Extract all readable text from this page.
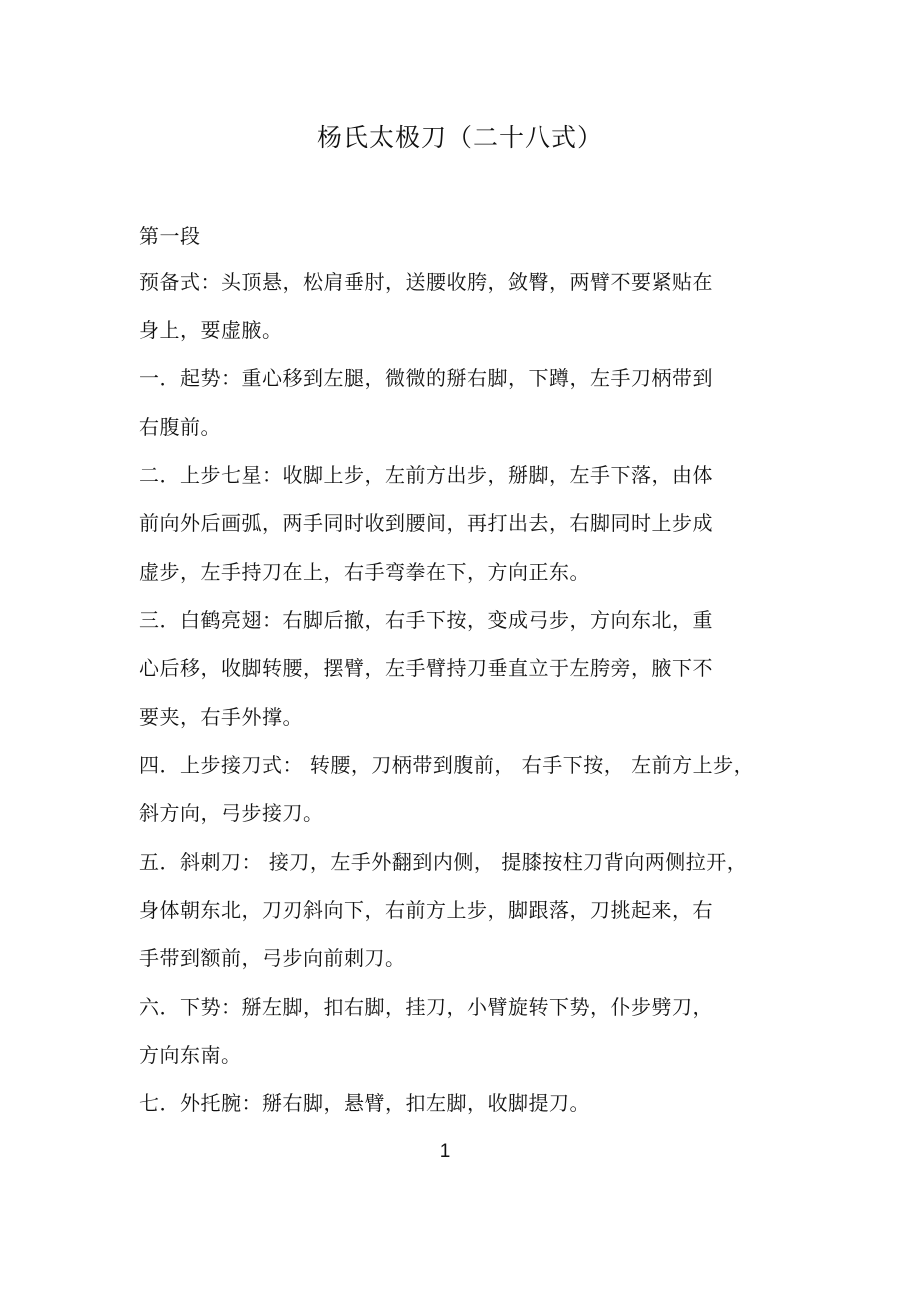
杨氏太极刀（二十八式）
第一段
预备式：头顶悬，松肩垂肘，送腰收胯，敛臀，两臂不要紧贴在
身上，要虚腋。
一．起势：重心移到左腿，微微的掰右脚，下蹲，左手刀柄带到
右腹前。
二．上步七星：收脚上步，左前方出步，掰脚，左手下落，由体
前向外后画弧，两手同时收到腰间，再打出去，右脚同时上步成
虚步，左手持刀在上，右手弯拳在下，方向正东。
三．白鹤亮翅：右脚后撤，右手下按，变成弓步，方向东北，重
心后移，收脚转腰，摆臂，左手臂持刀垂直立于左胯旁，腋下不
要夹，右手外撑。
四．上步接刀式： 转腰，刀柄带到腹前， 右手下按， 左前方上步，
斜方向，弓步接刀。
五．斜刺刀： 接刀，左手外翻到内侧， 提膝按柱刀背向两侧拉开，
身体朝东北，刀刃斜向下，右前方上步，脚跟落，刀挑起来，右
手带到额前，弓步向前刺刀。
六．下势：掰左脚，扣右脚，挂刀，小臂旋转下势，仆步劈刀，
方向东南。
七．外托腕：掰右脚，悬臂，扣左脚，收脚提刀。
1
